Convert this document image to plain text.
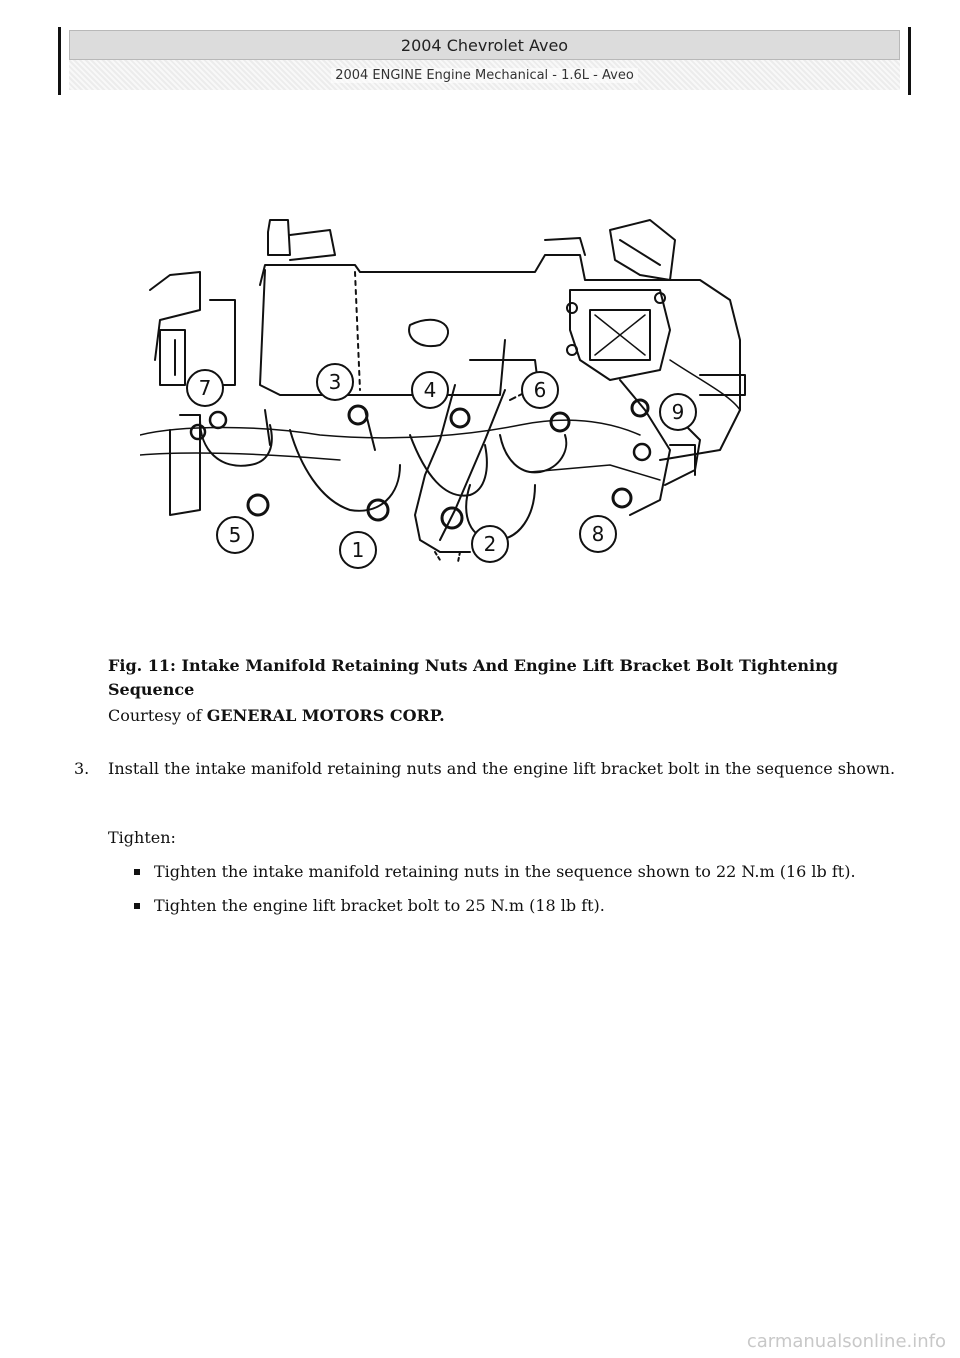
2004 Chevrolet Aveo
2004 ENGINE Engine Mechanical - 1.6L - Aveo
7	3	4	6
9
5
1	2	8
Fig. 11: Intake Manifold Retaining Nuts And Engine Lift Bracket Bolt Tightening Sequence
Courtesy of GENERAL MOTORS CORP.
3. Install the intake manifold retaining nuts and the engine lift bracket bolt in the sequence shown.
Tighten:
Tighten the intake manifold retaining nuts in the sequence shown to 22 N.m (16 lb ft).
Tighten the engine lift bracket bolt to 25 N.m (18 lb ft).
carmanualsonline.info
